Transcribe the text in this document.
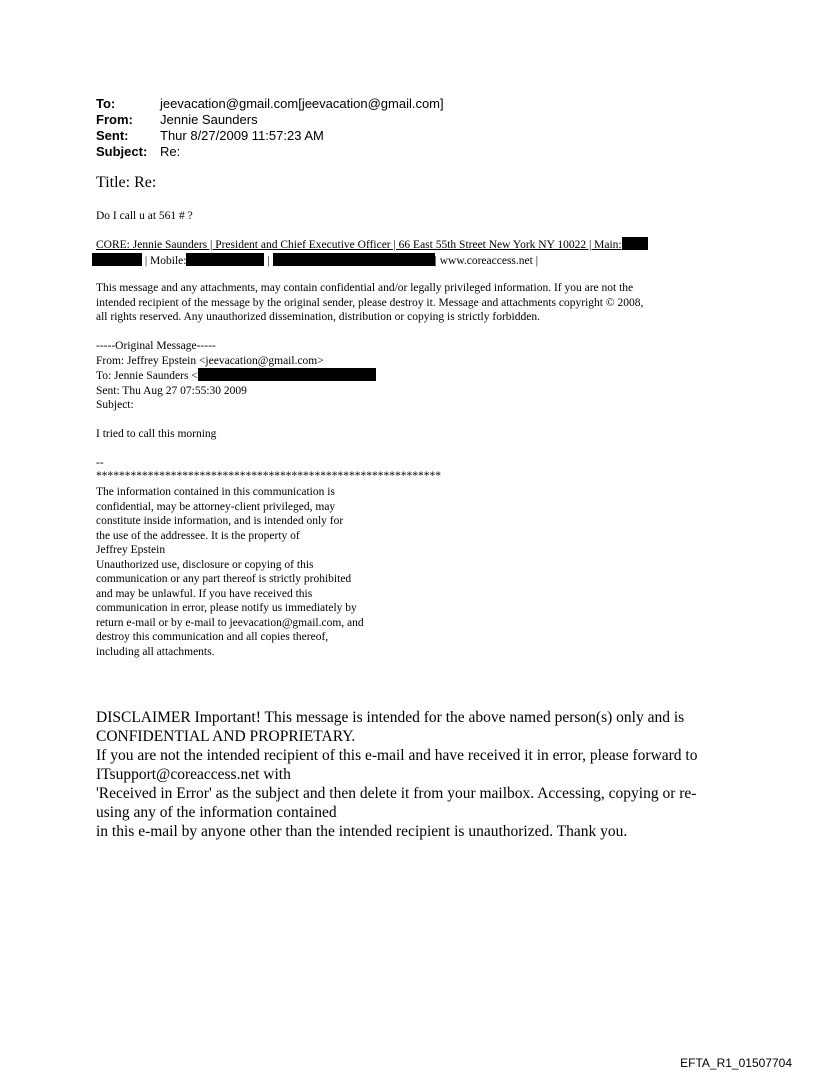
To:	jeevacation@gmail.com[jeevacation@gmail.com]
From:	Jennie Saunders
Sent:	Thur 8/27/2009 11:57:23 AM
Subject: Re:
Title: Re:
Do I call u at 561 # ?
CORE: Jennie Saunders | President and Chief Executive Officer | 66 East 55th Street New York NY 10022 | Main:
| Mobile:	|	| www.coreaccess.net |
This message and any attachments, may contain confidential and/or legally privileged information. If you are not the
intended recipient of the message by the original sender, please destroy it. Message and attachments copyright © 2008,
all rights reserved. Any unauthorized dissemination, distribution or copying is strictly forbidden.
-----Original Message-----
From: Jeffrey Epstein <jeevacation@gmail.com>
To: Jennie Saunders <
Sent: Thu Aug 27 07:55:30 2009
Subject:
I tried to call this morning
--
************************************************************
The information contained in this communication is
confidential, may be attorney-client privileged, may
constitute inside information, and is intended only for
the use of the addressee. It is the property of
Jeffrey Epstein
Unauthorized use, disclosure or copying of this
communication or any part thereof is strictly prohibited
and may be unlawful. If you have received this
communication in error, please notify us immediately by
return e-mail or by e-mail to jeevacation@gmail.com, and
destroy this communication and all copies thereof,
including all attachments.
DISCLAIMER Important! This message is intended for the above named person(s) only and is
CONFIDENTIAL AND PROPRIETARY.
If you are not the intended recipient of this e-mail and have received it in error, please forward to
ITsupport@coreaccess.net with
'Received in Error' as the subject and then delete it from your mailbox. Accessing, copying or re-
using any of the information contained
in this e-mail by anyone other than the intended recipient is unauthorized. Thank you.
EFTA_R1_01507704
